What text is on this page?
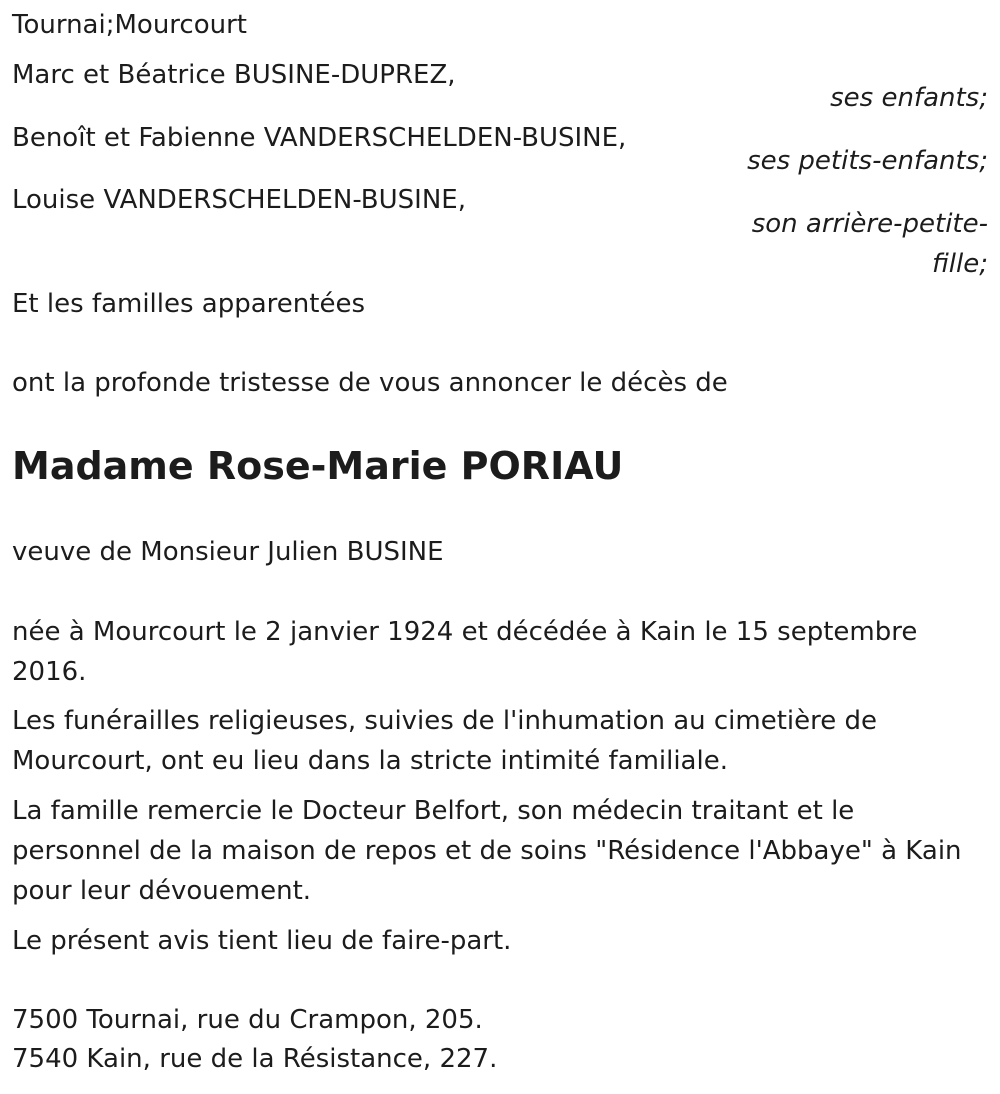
Tournai;Mourcourt
Marc et Béatrice BUSINE-DUPREZ,
ses enfants;
Benoît et Fabienne VANDERSCHELDEN-BUSINE,
ses petits-enfants;
Louise VANDERSCHELDEN-BUSINE,
son arrière-petite-
fille;
Et les familles apparentées
ont la profonde tristesse de vous annoncer le décès de
Madame Rose-Marie PORIAU
veuve de Monsieur Julien BUSINE
née à Mourcourt le 2 janvier 1924 et décédée à Kain le 15 septembre 2016.
Les funérailles religieuses, suivies de l'inhumation au cimetière de Mourcourt, ont eu lieu dans la stricte intimité familiale.
La famille remercie le Docteur Belfort, son médecin traitant et le personnel de la maison de repos et de soins "Résidence l'Abbaye" à Kain pour leur dévouement.
Le présent avis tient lieu de faire-part.
7500 Tournai, rue du Crampon, 205.
7540 Kain, rue de la Résistance, 227.
